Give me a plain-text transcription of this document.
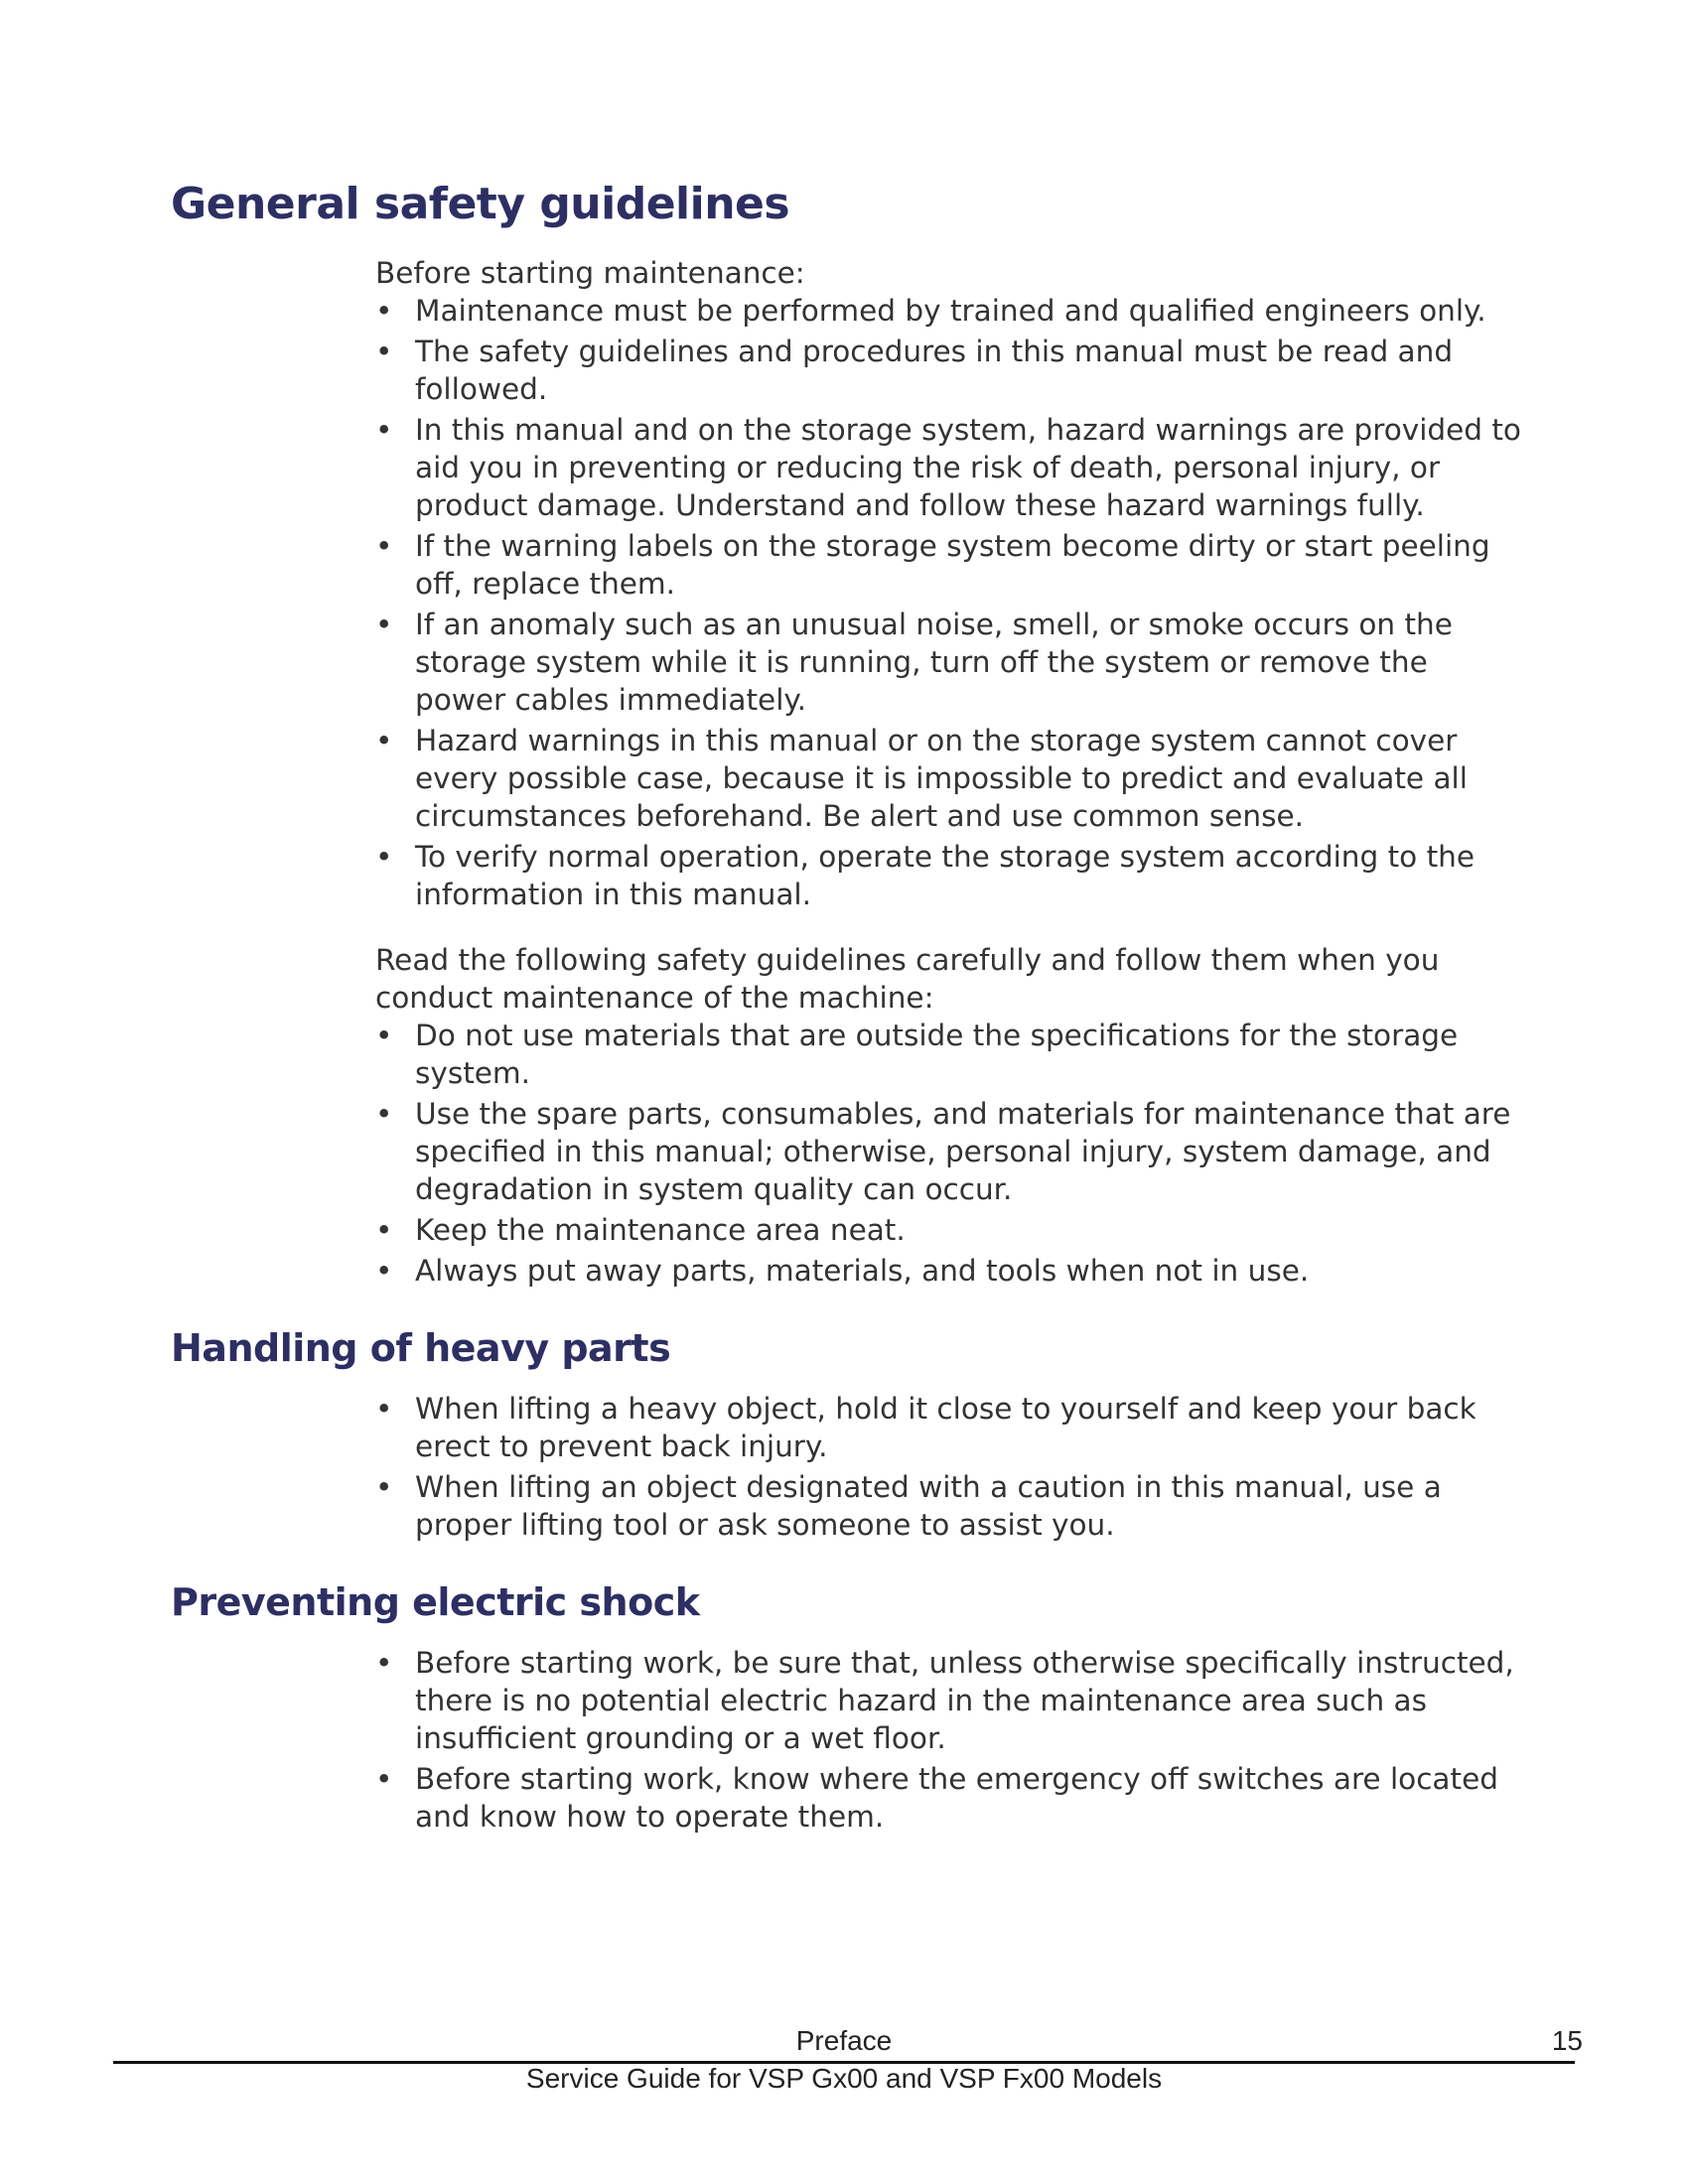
General safety guidelines

Before starting maintenance:

• Maintenance must be performed by trained and qualified engineers only.
• The safety guidelines and procedures in this manual must be read and followed.
• In this manual and on the storage system, hazard warnings are provided to aid you in preventing or reducing the risk of death, personal injury, or product damage. Understand and follow these hazard warnings fully.
• If the warning labels on the storage system become dirty or start peeling off, replace them.
• If an anomaly such as an unusual noise, smell, or smoke occurs on the storage system while it is running, turn off the system or remove the power cables immediately.
• Hazard warnings in this manual or on the storage system cannot cover every possible case, because it is impossible to predict and evaluate all circumstances beforehand. Be alert and use common sense.
• To verify normal operation, operate the storage system according to the information in this manual.

Read the following safety guidelines carefully and follow them when you conduct maintenance of the machine:

• Do not use materials that are outside the specifications for the storage system.
• Use the spare parts, consumables, and materials for maintenance that are specified in this manual; otherwise, personal injury, system damage, and degradation in system quality can occur.
• Keep the maintenance area neat.
• Always put away parts, materials, and tools when not in use.
Handling of heavy parts
• When lifting a heavy object, hold it close to yourself and keep your back erect to prevent back injury.
• When lifting an object designated with a caution in this manual, use a proper lifting tool or ask someone to assist you.
Preventing electric shock
• Before starting work, be sure that, unless otherwise specifically instructed, there is no potential electric hazard in the maintenance area such as insufficient grounding or a wet floor.
• Before starting work, know where the emergency off switches are located and know how to operate them.
Preface	15
Service Guide for VSP Gx00 and VSP Fx00 Models
